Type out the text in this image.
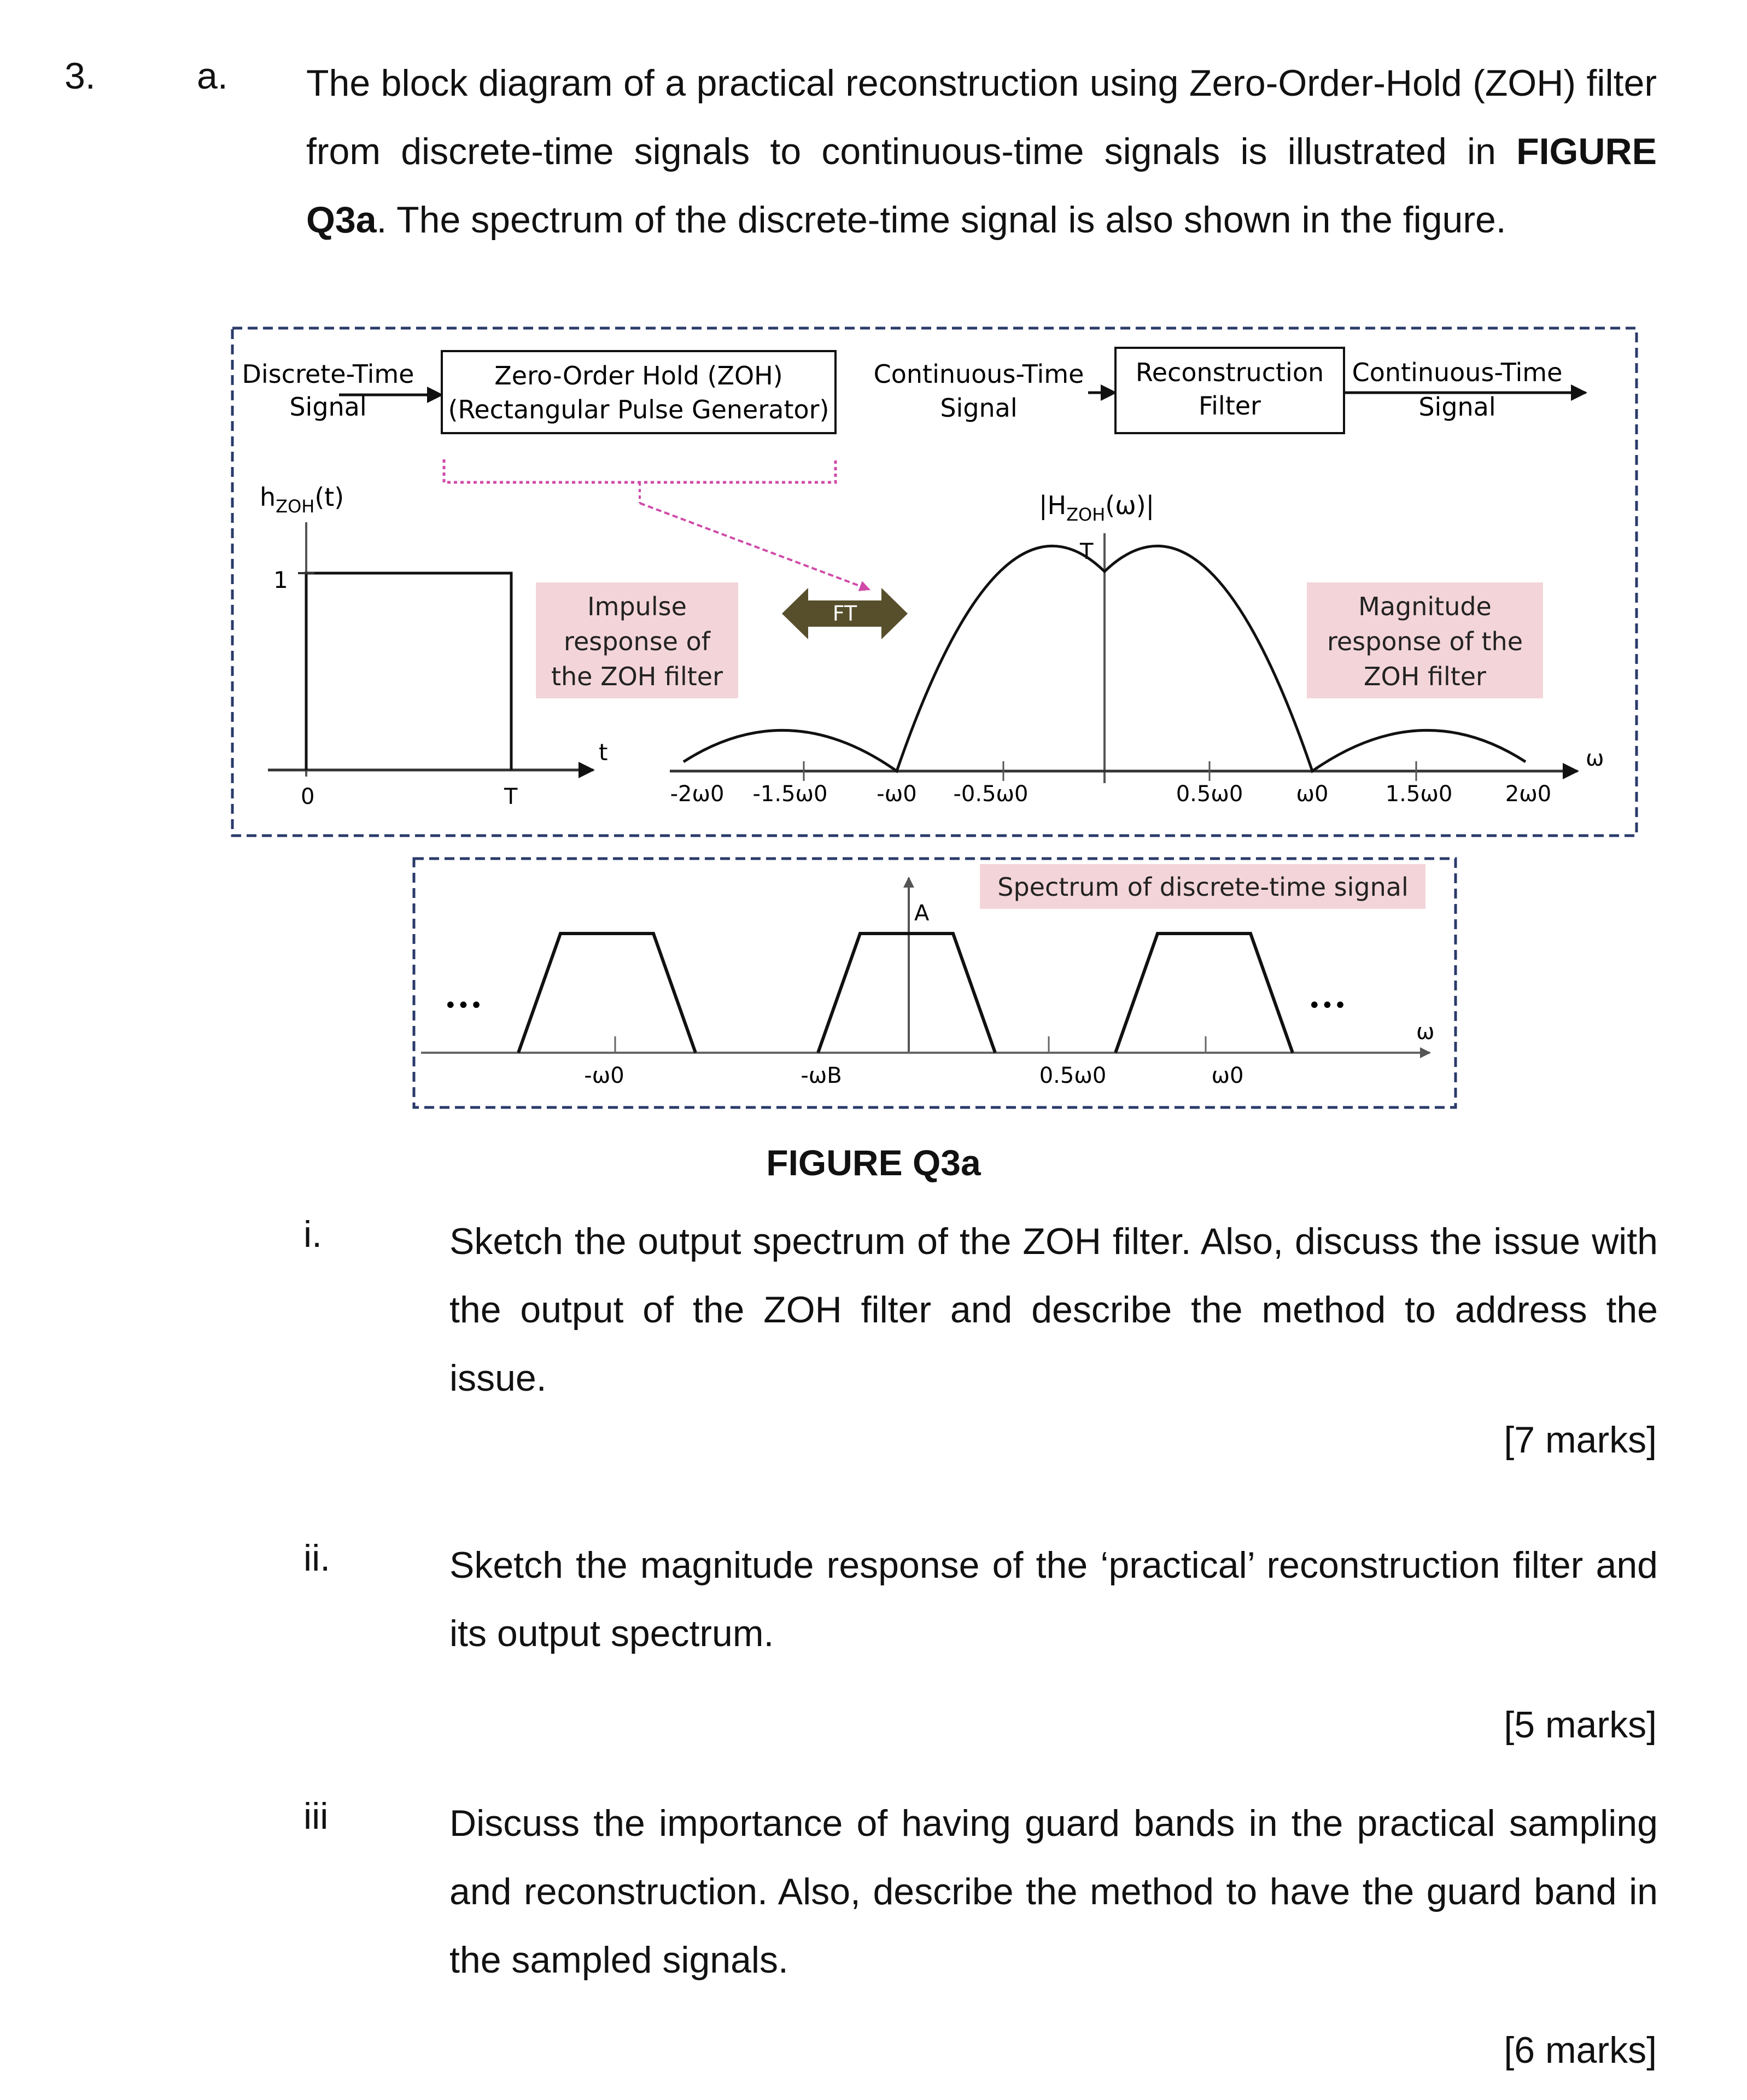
3.	a. The block diagram of a practical reconstruction using Zero-Order-Hold (ZOH) filter from discrete-time signals to continuous-time signals is illustrated in FIGURE Q3a. The spectrum of the discrete-time signal is also shown in the figure.

Discrete-Time
Signal
Zero-Order Hold (ZOH)
(Rectangular Pulse Generator)
Continuous-Time
Signal
Reconstruction
Filter
Continuous-Time
Signal
$h_{ZOH}(t)$
1
0	T
t
Impulse
response of
the ZOH filter
FT
$|H_{ZOH}(\omega)|$
T
ω
-2ω0 -1.5ω0 -ω0 -0.5ω0	0.5ω0 ω0	1.5ω0 2ω0
Magnitude
response of the
ZOH filter
Spectrum of discrete-time signal
A
•••	•••
ω
-ω0	-ωB	0.5ω0	ω0
FIGURE Q3a
i.	Sketch the output spectrum of the ZOH filter. Also, discuss the issue with the output of the ZOH filter and describe the method to address the issue.

[7 marks]
ii.	Sketch the magnitude response of the ‘practical’ reconstruction filter and its output spectrum.

[5 marks]
iii	Discuss the importance of having guard bands in the practical sampling and reconstruction. Also, describe the method to have the guard band in the sampled signals.

[6 marks]
